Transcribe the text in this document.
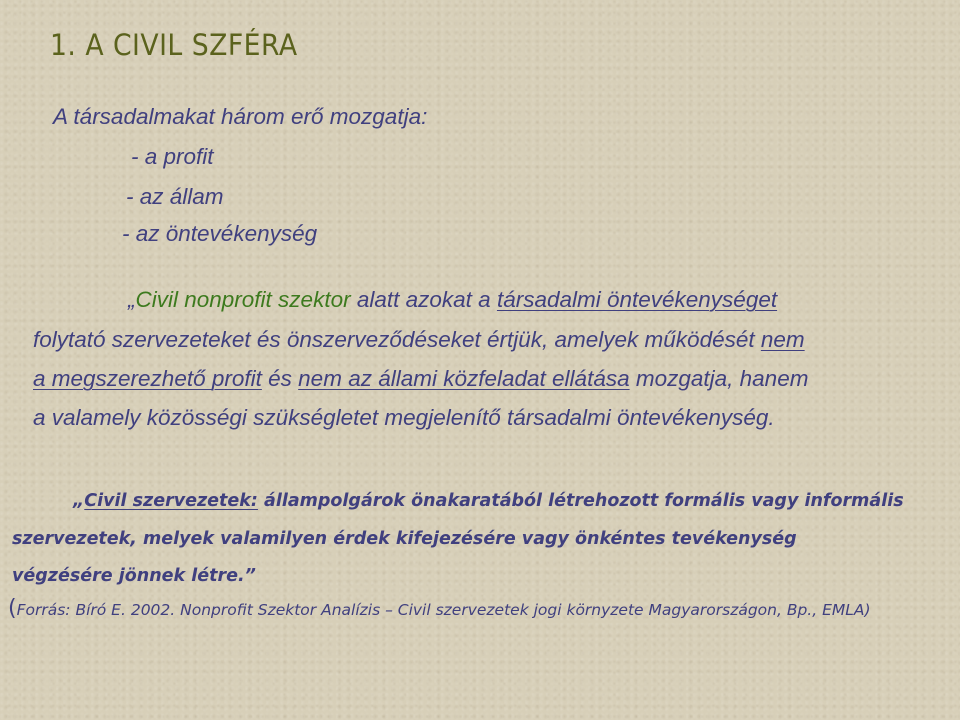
1. A CIVIL SZFÉRA

A társadalmakat három erő mozgatja:

- a profit

- az állam

- az öntevékenység

„Civil nonprofit szektor alatt azokat a társadalmi öntevékenységet

folytató szervezeteket és önszerveződéseket értjük, amelyek működését nem

a megszerezhető profit és nem az állami közfeladat ellátása mozgatja, hanem

a valamely közösségi szükségletet megjelenítő társadalmi öntevékenység.

„Civil szervezetek: állampolgárok önakaratából létrehozott formális vagy informális

szervezetek, melyek valamilyen érdek kifejezésére vagy önkéntes tevékenység

végzésére jönnek létre.”

(Forrás: Bíró E. 2002. Nonprofit Szektor Analízis – Civil szervezetek jogi környzete Magyarországon, Bp., EMLA)
